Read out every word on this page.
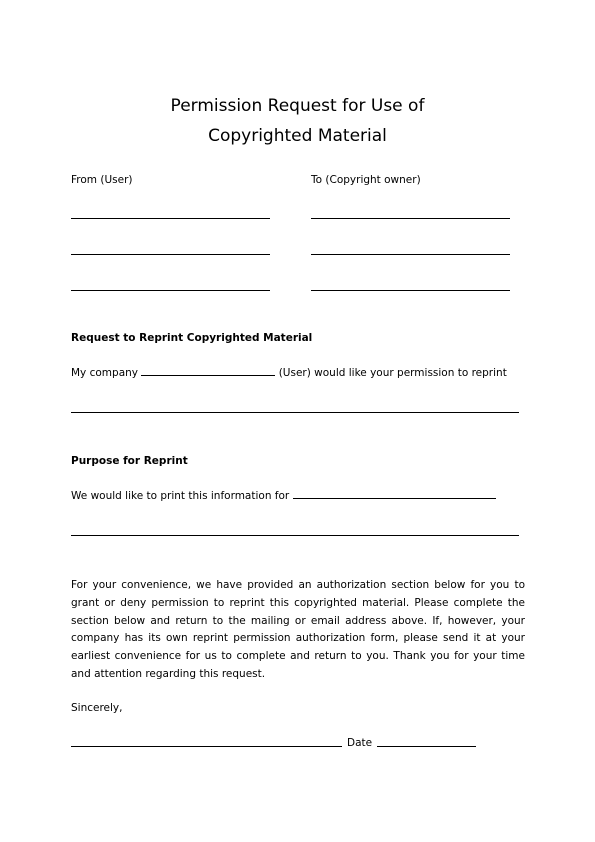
Permission Request for Use of
Copyrighted Material
From (User)	To (Copyright owner)
Request to Reprint Copyrighted Material
My company	(User) would like your permission to reprint
Purpose for Reprint
We would like to print this information for
For your convenience, we have provided an authorization section below for you to grant or deny permission to reprint this copyrighted material. Please complete the section below and return to the mailing or email address above. If, however, your company has its own reprint permission authorization form, please send it at your earliest convenience for us to complete and return to you. Thank you for your time and attention regarding this request.
Sincerely,
Date
